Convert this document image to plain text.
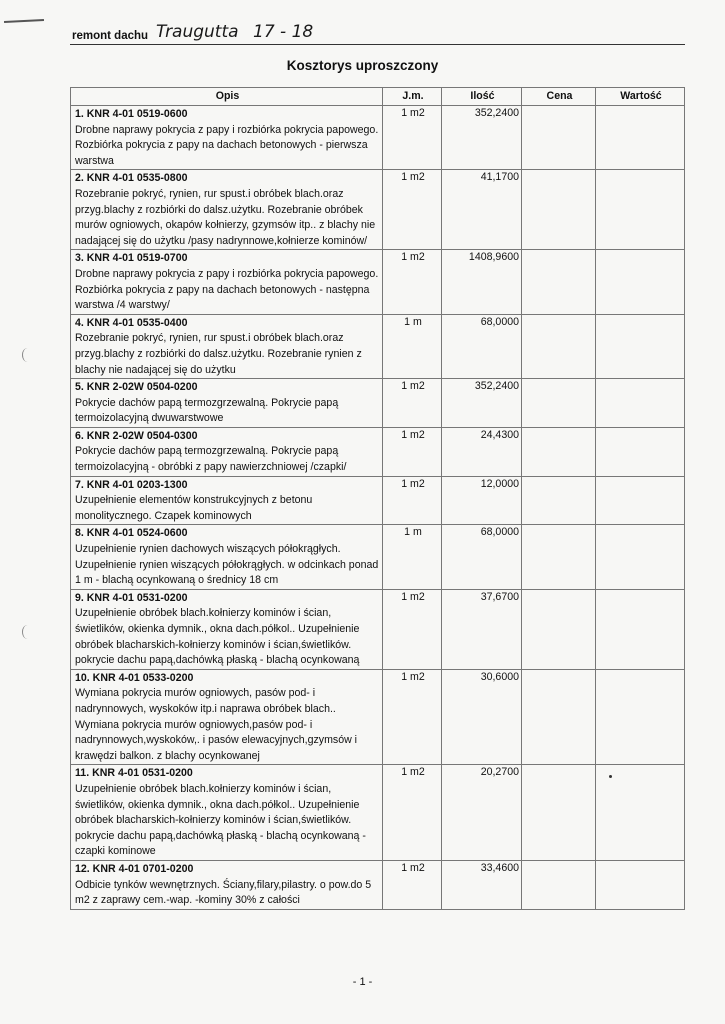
remont dachu Traugutta 17 - 18
Kosztorys uproszczony
Opis	J.m.	Ilość	Cena	Wartość

1. KNR 4-01 0519-0600
Drobne naprawy pokrycia z papy i rozbiórka pokrycia papowego. Rozbiórka pokrycia z papy na dachach betonowych - pierwsza warstwa	1 m2	352,2400		

2. KNR 4-01 0535-0800
Rozebranie pokryć, rynien, rur spust.i obróbek blach.oraz przyg.blachy z rozbiórki do dalsz.użytku. Rozebranie obróbek murów ogniowych, okapów kołnierzy, gzymsów itp.. z blachy nie nadającej się do użytku /pasy nadrynnowe,kołnierze kominów/	1 m2	41,1700		

3. KNR 4-01 0519-0700
Drobne naprawy pokrycia z papy i rozbiórka pokrycia papowego. Rozbiórka pokrycia z papy na dachach betonowych - następna warstwa /4 warstwy/	1 m2	1408,9600		

4. KNR 4-01 0535-0400
Rozebranie pokryć, rynien, rur spust.i obróbek blach.oraz przyg.blachy z rozbiórki do dalsz.użytku. Rozebranie rynien z blachy nie nadającej się do użytku	1 m	68,0000		

5. KNR 2-02W 0504-0200
Pokrycie dachów papą termozgrzewalną. Pokrycie papą termoizolacyjną dwuwarstwowe	1 m2	352,2400		

6. KNR 2-02W 0504-0300
Pokrycie dachów papą termozgrzewalną. Pokrycie papą termoizolacyjną - obróbki z papy nawierzchniowej /czapki/	1 m2	24,4300		

7. KNR 4-01 0203-1300
Uzupełnienie elementów konstrukcyjnych z betonu monolitycznego. Czapek kominowych	1 m2	12,0000		

8. KNR 4-01 0524-0600
Uzupełnienie rynien dachowych wiszących półokrągłych. Uzupełnienie rynien wiszących półokrągłych. w odcinkach ponad 1 m - blachą ocynkowaną o średnicy 18 cm	1 m	68,0000		

9. KNR 4-01 0531-0200
Uzupełnienie obróbek blach.kołnierzy kominów i ścian, świetlików, okienka dymnik., okna dach.półkol.. Uzupełnienie obróbek blacharskich-kołnierzy kominów i ścian,świetlików. pokrycie dachu papą,dachówką płaską - blachą ocynkowaną	1 m2	37,6700		

10. KNR 4-01 0533-0200
Wymiana pokrycia murów ogniowych, pasów pod- i nadrynnowych, wyskoków itp.i naprawa obróbek blach.. Wymiana pokrycia murów ogniowych,pasów pod- i nadrynnowych,wyskoków,. i pasów elewacyjnych,gzymsów i krawędzi balkon. z blachy ocynkowanej	1 m2	30,6000		

11. KNR 4-01 0531-0200
Uzupełnienie obróbek blach.kołnierzy kominów i ścian, świetlików, okienka dymnik., okna dach.półkol.. Uzupełnienie obróbek blacharskich-kołnierzy kominów i ścian,świetlików. pokrycie dachu papą,dachówką płaską - blachą ocynkowaną - czapki kominowe	1 m2	20,2700		

12. KNR 4-01 0701-0200
Odbicie tynków wewnętrznych. Ściany,filary,pilastry. o pow.do 5 m2 z zaprawy cem.-wap. -kominy 30% z całości	1 m2	33,4600		
- 1 -
